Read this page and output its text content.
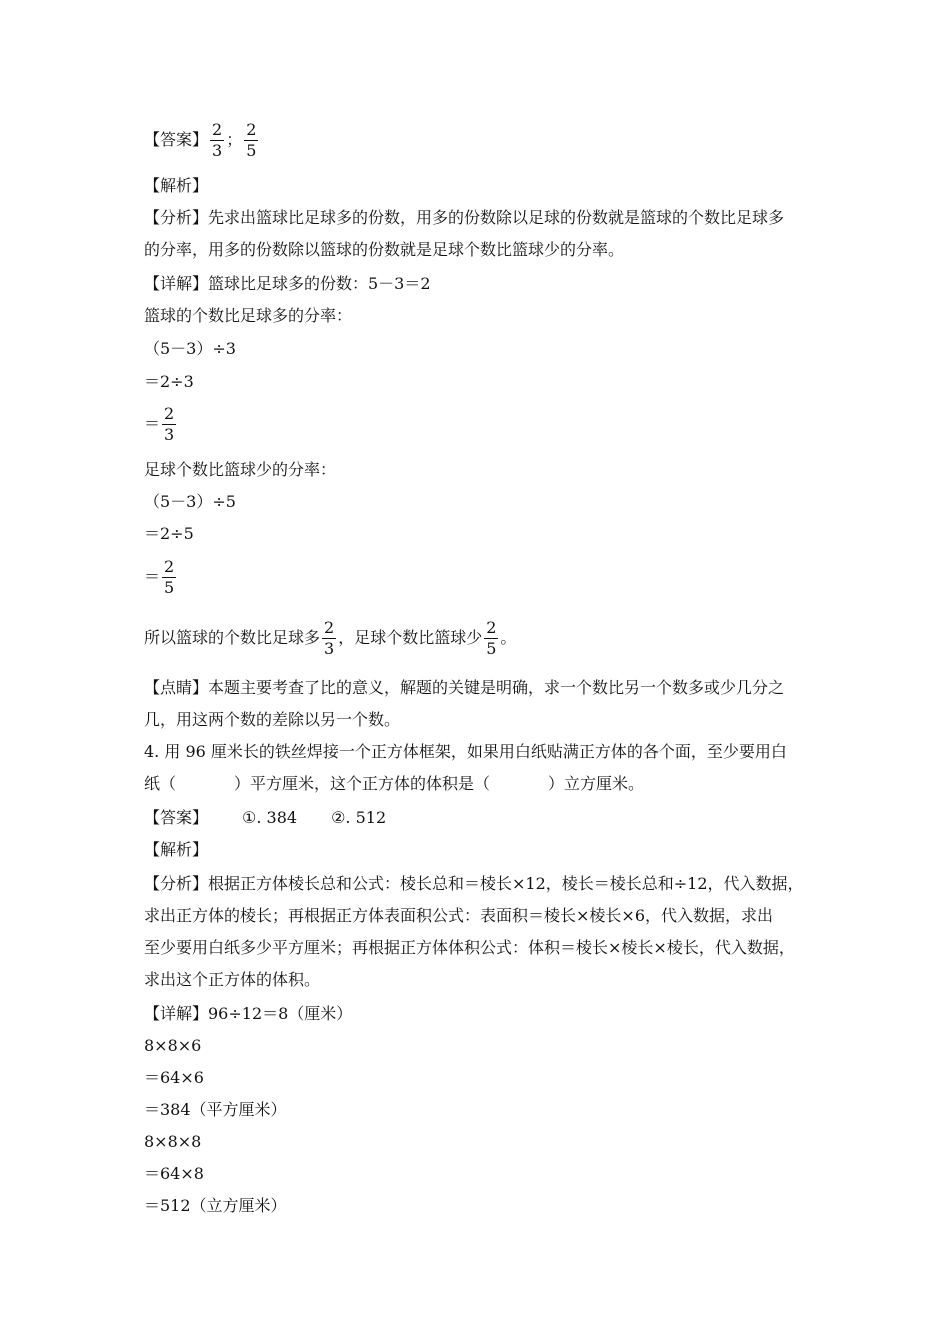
【答案】 $\frac{2}{3}$ ； $\frac{2}{5}$
【解析】
【分析】先求出篮球比足球多的份数，用多的份数除以足球的份数就是篮球的个数比足球多
的分率，用多的份数除以篮球的份数就是足球个数比篮球少的分率。
【详解】篮球比足球多的份数：5－3＝2
篮球的个数比足球多的分率：
（5－3）÷3
＝2÷3
＝ $\frac{2}{3}$
足球个数比篮球少的分率：
（5－3）÷5
＝2÷5
＝ $\frac{2}{5}$
所以篮球的个数比足球多 $\frac{2}{3}$ ，足球个数比篮球少 $\frac{2}{5}$ 。
【点睛】本题主要考查了比的意义，解题的关键是明确，求一个数比另一个数多或少几分之
几，用这两个数的差除以另一个数。
4. 用 96 厘米长的铁丝焊接一个正方体框架，如果用白纸贴满正方体的各个面，至少要用白
纸（	）平方厘米，这个正方体的体积是（	）立方厘米。
【答案】 ①. 384 ②. 512
【解析】
【分析】根据正方体棱长总和公式：棱长总和＝棱长×12，棱长＝棱长总和÷12，代入数据，
求出正方体的棱长；再根据正方体表面积公式：表面积＝棱长×棱长×6，代入数据，求出
至少要用白纸多少平方厘米；再根据正方体体积公式：体积＝棱长×棱长×棱长，代入数据，
求出这个正方体的体积。
【详解】96÷12＝8（厘米）
8×8×6
＝64×6
＝384（平方厘米）
8×8×8
＝64×8
＝512（立方厘米）
